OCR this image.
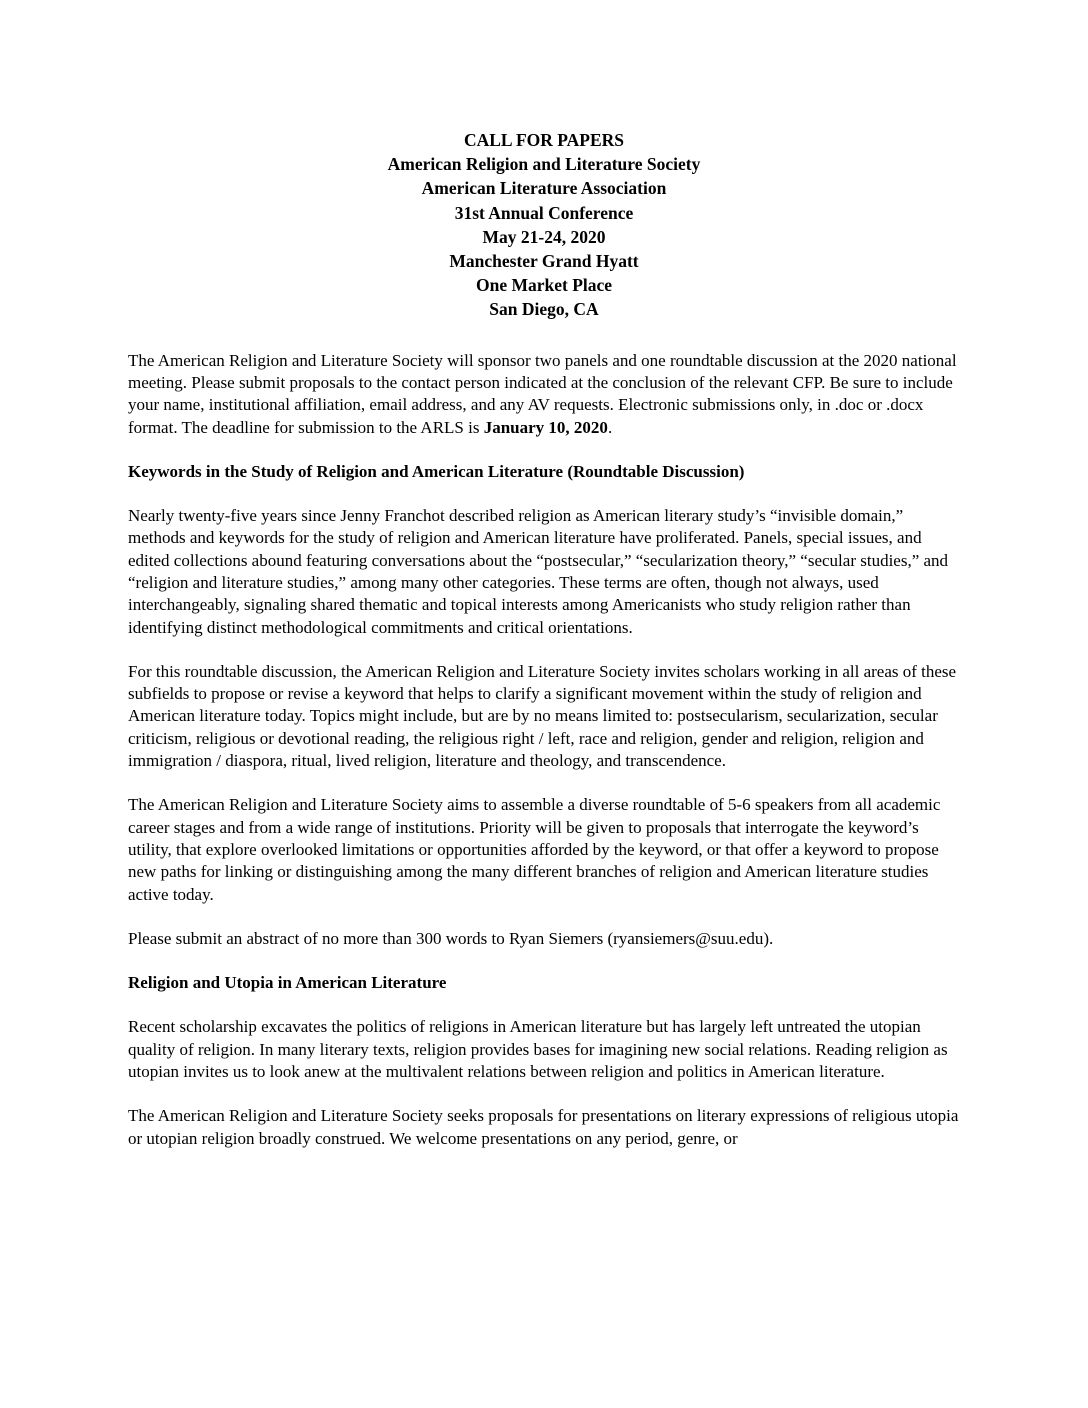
CALL FOR PAPERS
American Religion and Literature Society
American Literature Association
31st Annual Conference
May 21-24, 2020
Manchester Grand Hyatt
One Market Place
San Diego, CA

The American Religion and Literature Society will sponsor two panels and one roundtable discussion at the 2020 national meeting. Please submit proposals to the contact person indicated at the conclusion of the relevant CFP. Be sure to include your name, institutional affiliation, email address, and any AV requests. Electronic submissions only, in .doc or .docx format. The deadline for submission to the ARLS is January 10, 2020.

Keywords in the Study of Religion and American Literature (Roundtable Discussion)

Nearly twenty-five years since Jenny Franchot described religion as American literary study’s “invisible domain,” methods and keywords for the study of religion and American literature have proliferated. Panels, special issues, and edited collections abound featuring conversations about the “postsecular,” “secularization theory,” “secular studies,” and “religion and literature studies,” among many other categories. These terms are often, though not always, used interchangeably, signaling shared thematic and topical interests among Americanists who study religion rather than identifying distinct methodological commitments and critical orientations.

For this roundtable discussion, the American Religion and Literature Society invites scholars working in all areas of these subfields to propose or revise a keyword that helps to clarify a significant movement within the study of religion and American literature today. Topics might include, but are by no means limited to: postsecularism, secularization, secular criticism, religious or devotional reading, the religious right / left, race and religion, gender and religion, religion and immigration / diaspora, ritual, lived religion, literature and theology, and transcendence.

The American Religion and Literature Society aims to assemble a diverse roundtable of 5-6 speakers from all academic career stages and from a wide range of institutions. Priority will be given to proposals that interrogate the keyword’s utility, that explore overlooked limitations or opportunities afforded by the keyword, or that offer a keyword to propose new paths for linking or distinguishing among the many different branches of religion and American literature studies active today.

Please submit an abstract of no more than 300 words to Ryan Siemers (ryansiemers@suu.edu).

Religion and Utopia in American Literature

Recent scholarship excavates the politics of religions in American literature but has largely left untreated the utopian quality of religion. In many literary texts, religion provides bases for imagining new social relations. Reading religion as utopian invites us to look anew at the multivalent relations between religion and politics in American literature.

The American Religion and Literature Society seeks proposals for presentations on literary expressions of religious utopia or utopian religion broadly construed. We welcome presentations on any period, genre, or
